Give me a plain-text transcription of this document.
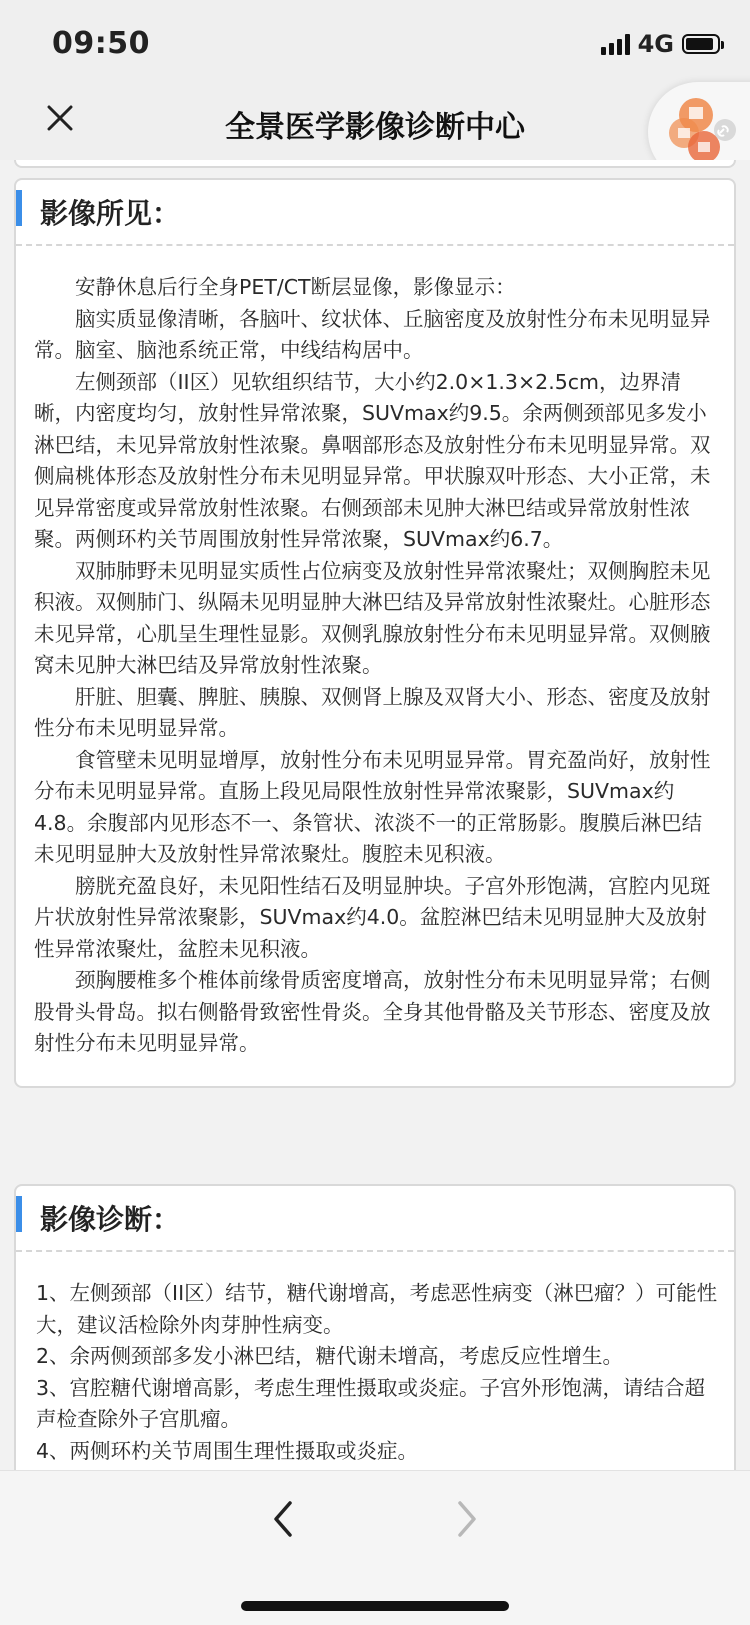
09:50	4G
全景医学影像诊断中心
影像所见：

安静休息后行全身PET/CT断层显像，影像显示：

脑实质显像清晰，各脑叶、纹状体、丘脑密度及放射性分布未见明显异常。脑室、脑池系统正常，中线结构居中。

左侧颈部（II区）见软组织结节，大小约2.0×1.3×2.5cm，边界清晰，内密度均匀，放射性异常浓聚，SUVmax约9.5。余两侧颈部见多发小淋巴结，未见异常放射性浓聚。鼻咽部形态及放射性分布未见明显异常。双侧扁桃体形态及放射性分布未见明显异常。甲状腺双叶形态、大小正常，未见异常密度或异常放射性浓聚。右侧颈部未见肿大淋巴结或异常放射性浓聚。两侧环杓关节周围放射性异常浓聚，SUVmax约6.7。

双肺肺野未见明显实质性占位病变及放射性异常浓聚灶；双侧胸腔未见积液。双侧肺门、纵隔未见明显肿大淋巴结及异常放射性浓聚灶。心脏形态未见异常，心肌呈生理性显影。双侧乳腺放射性分布未见明显异常。双侧腋窝未见肿大淋巴结及异常放射性浓聚。

肝脏、胆囊、脾脏、胰腺、双侧肾上腺及双肾大小、形态、密度及放射性分布未见明显异常。

食管壁未见明显增厚，放射性分布未见明显异常。胃充盈尚好，放射性分布未见明显异常。直肠上段见局限性放射性异常浓聚影，SUVmax约4.8。余腹部内见形态不一、条管状、浓淡不一的正常肠影。腹膜后淋巴结未见明显肿大及放射性异常浓聚灶。腹腔未见积液。

膀胱充盈良好，未见阳性结石及明显肿块。子宫外形饱满，宫腔内见斑片状放射性异常浓聚影，SUVmax约4.0。盆腔淋巴结未见明显肿大及放射性异常浓聚灶，盆腔未见积液。

颈胸腰椎多个椎体前缘骨质密度增高，放射性分布未见明显异常；右侧股骨头骨岛。拟右侧骼骨致密性骨炎。全身其他骨骼及关节形态、密度及放射性分布未见明显异常。

影像诊断：

1、左侧颈部（II区）结节，糖代谢增高，考虑恶性病变（淋巴瘤？）可能性大，建议活检除外肉芽肿性病变。

2、余两侧颈部多发小淋巴结，糖代谢未增高，考虑反应性增生。

3、宫腔糖代谢增高影，考虑生理性摄取或炎症。子宫外形饱满，请结合超声检查除外子宫肌瘤。

4、两侧环杓关节周围生理性摄取或炎症。
